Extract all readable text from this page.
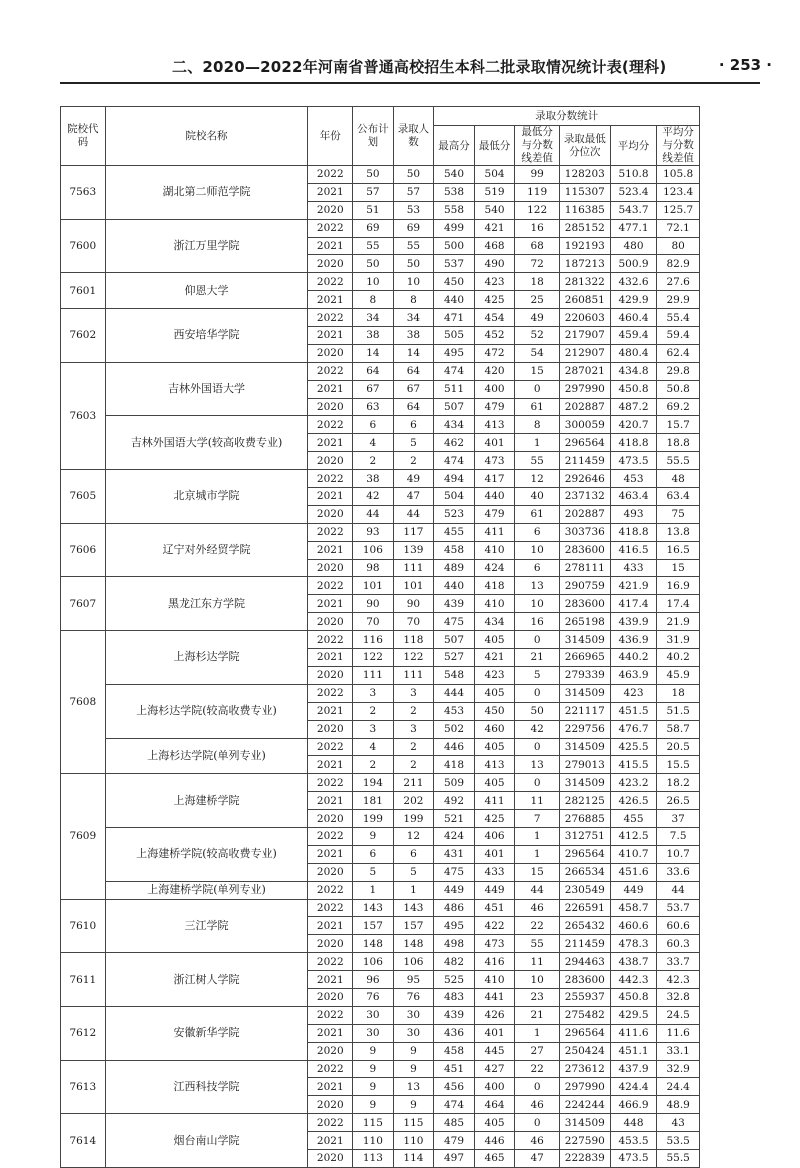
二、2020—2022年河南省普通高校招生本科二批录取情况统计表(理科)	· 253 ·
院校代码	院校名称	年份	公布计划	录取人数	录取分数统计					
					最高分	最低分	最低分与分数线差值	录取最低分位次	平均分	平均分与分数线差值
7563	湖北第二师范学院	2022	50	50	540	504	99	128203	510.8	105.8
		2021	57	57	538	519	119	115307	523.4	123.4
		2020	51	53	558	540	122	116385	543.7	125.7
7600	浙江万里学院	2022	69	69	499	421	16	285152	477.1	72.1
		2021	55	55	500	468	68	192193	480	80
		2020	50	50	537	490	72	187213	500.9	82.9
7601	仰恩大学	2022	10	10	450	423	18	281322	432.6	27.6
		2021	8	8	440	425	25	260851	429.9	29.9
7602	西安培华学院	2022	34	34	471	454	49	220603	460.4	55.4
		2021	38	38	505	452	52	217907	459.4	59.4
		2020	14	14	495	472	54	212907	480.4	62.4
7603	吉林外国语大学	2022	64	64	474	420	15	287021	434.8	29.8
		2021	67	67	511	400	0	297990	450.8	50.8
		2020	63	64	507	479	61	202887	487.2	69.2
	吉林外国语大学(较高收费专业)	2022	6	6	434	413	8	300059	420.7	15.7
		2021	4	5	462	401	1	296564	418.8	18.8
		2020	2	2	474	473	55	211459	473.5	55.5
7605	北京城市学院	2022	38	49	494	417	12	292646	453	48
		2021	42	47	504	440	40	237132	463.4	63.4
		2020	44	44	523	479	61	202887	493	75
7606	辽宁对外经贸学院	2022	93	117	455	411	6	303736	418.8	13.8
		2021	106	139	458	410	10	283600	416.5	16.5
		2020	98	111	489	424	6	278111	433	15
7607	黑龙江东方学院	2022	101	101	440	418	13	290759	421.9	16.9
		2021	90	90	439	410	10	283600	417.4	17.4
		2020	70	70	475	434	16	265198	439.9	21.9
7608	上海杉达学院	2022	116	118	507	405	0	314509	436.9	31.9
		2021	122	122	527	421	21	266965	440.2	40.2
		2020	111	111	548	423	5	279339	463.9	45.9
	上海杉达学院(较高收费专业)	2022	3	3	444	405	0	314509	423	18
		2021	2	2	453	450	50	221117	451.5	51.5
		2020	3	3	502	460	42	229756	476.7	58.7
	上海杉达学院(单列专业)	2022	4	2	446	405	0	314509	425.5	20.5
		2021	2	2	418	413	13	279013	415.5	15.5
7609	上海建桥学院	2022	194	211	509	405	0	314509	423.2	18.2
		2021	181	202	492	411	11	282125	426.5	26.5
		2020	199	199	521	425	7	276885	455	37
	上海建桥学院(较高收费专业)	2022	9	12	424	406	1	312751	412.5	7.5
		2021	6	6	431	401	1	296564	410.7	10.7
		2020	5	5	475	433	15	266534	451.6	33.6
	上海建桥学院(单列专业)	2022	1	1	449	449	44	230549	449	44
7610	三江学院	2022	143	143	486	451	46	226591	458.7	53.7
		2021	157	157	495	422	22	265432	460.6	60.6
		2020	148	148	498	473	55	211459	478.3	60.3
7611	浙江树人学院	2022	106	106	482	416	11	294463	438.7	33.7
		2021	96	95	525	410	10	283600	442.3	42.3
		2020	76	76	483	441	23	255937	450.8	32.8
7612	安徽新华学院	2022	30	30	439	426	21	275482	429.5	24.5
		2021	30	30	436	401	1	296564	411.6	11.6
		2020	9	9	458	445	27	250424	451.1	33.1
7613	江西科技学院	2022	9	9	451	427	22	273612	437.9	32.9
		2021	9	13	456	400	0	297990	424.4	24.4
		2020	9	9	474	464	46	224244	466.9	48.9
7614	烟台南山学院	2022	115	115	485	405	0	314509	448	43
		2021	110	110	479	446	46	227590	453.5	53.5
		2020	113	114	497	465	47	222839	473.5	55.5
